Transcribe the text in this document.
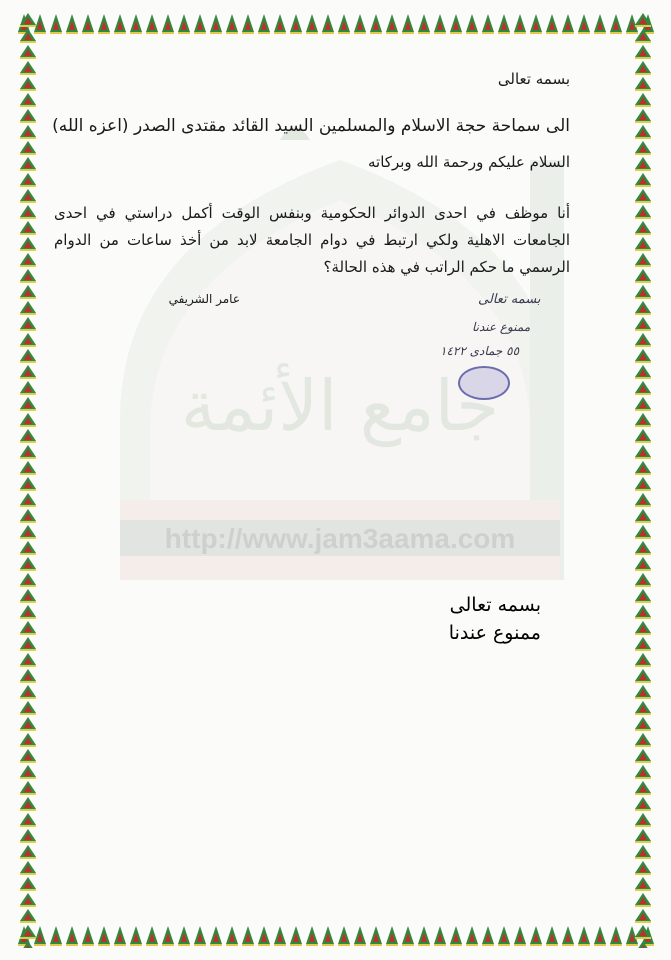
جامع الأئمة
http://www.jam3aama.com
بسمه تعالى
الى سماحة حجة الاسلام والمسلمين السيد القائد مقتدى الصدر (اعزه الله)
السلام عليكم ورحمة الله وبركاته
أنا موظف في احدى الدوائر الحكومية وبنفس الوقت أكمل دراستي في احدى الجامعات الاهلية ولكي ارتبط في دوام الجامعة لابد من أخذ ساعات من الدوام الرسمي ما حكم الراتب في هذه الحالة؟
عامر الشريفي	بسمه تعالى
ممنوع عندنا
٥٥ جمادى ١٤٢٢
بسمه تعالى
ممنوع عندنا
